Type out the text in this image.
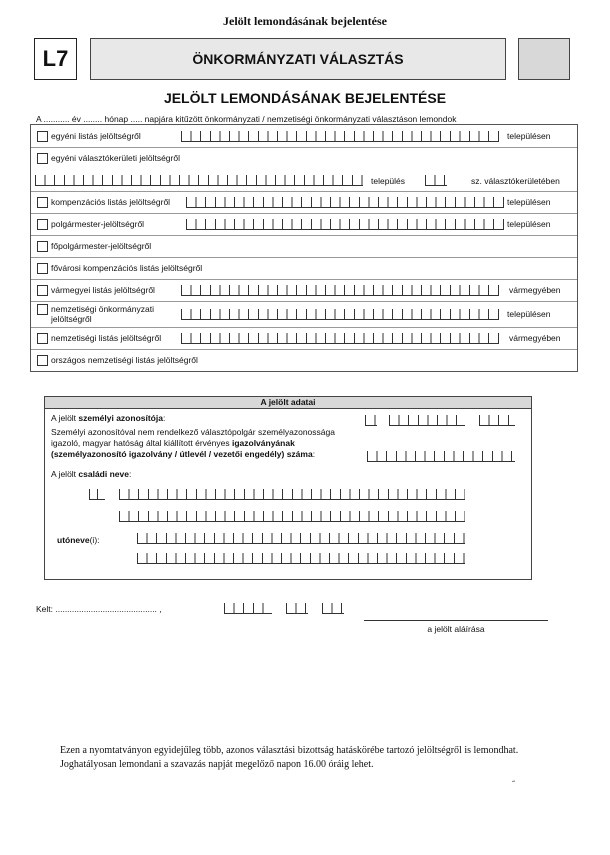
Jelölt lemondásának bejelentése
L7	ÖNKORMÁNYZATI VÁLASZTÁS
JELÖLT LEMONDÁSÁNAK BEJELENTÉSE
A ........... év ........ hónap ..... napjára kitűzött önkormányzati / nemzetiségi önkormányzati választáson lemondok
egyéni listás jelöltségről	településen
egyéni választókerületi jelöltségről
település	sz. választókerületében
kompenzációs listás jelöltségről	településen
polgármester-jelöltségről	településen
főpolgármester-jelöltségről
fővárosi kompenzációs listás jelöltségről
vármegyei listás jelöltségről	vármegyében
nemzetiségi önkormányzati jelöltségről	településen
nemzetiségi listás jelöltségről	vármegyében
országos nemzetiségi listás jelöltségről
A jelölt adatai
A jelölt személyi azonosítója:
Személyi azonosítóval nem rendelkező választópolgár személyazonossága
igazoló, magyar hatóság által kiállított érvényes igazolványának
(személyazonosító igazolvány / útlevél / vezetői engedély) száma:
A jelölt családi neve:
utóneve(i):
Kelt: ........................................... ,
a jelölt aláírása
Ezen a nyomtatványon egyidejűleg több, azonos választási bizottság hatáskörébe tartozó jelöltségről is lemondhat.
Joghatályosan lemondani a szavazás napját megelőző napon 16.00 óráig lehet.
˝
